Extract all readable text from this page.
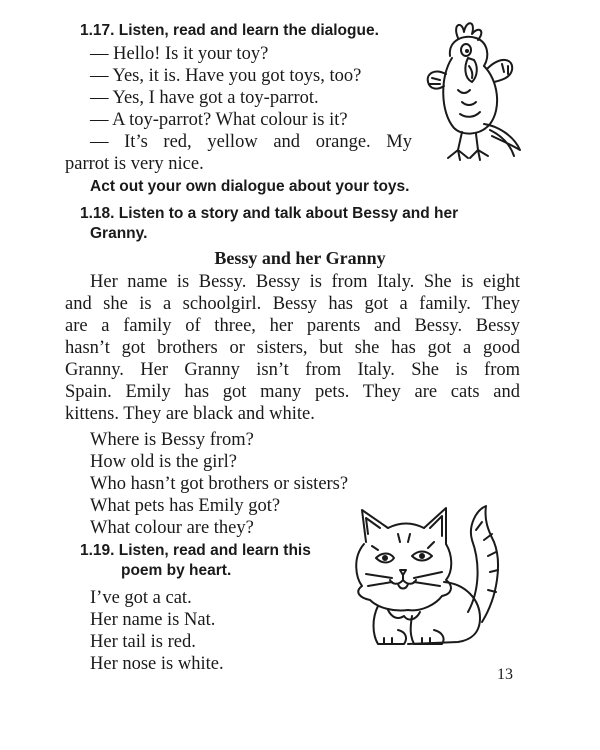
1.17. Listen, read and learn the dialogue.
— Hello! Is it your toy?
— Yes, it is. Have you got toys, too?
— Yes, I have got a toy-parrot.
— A toy-parrot? What colour is it?
— It’s red, yellow and orange. My
parrot is very nice.
Act out your own dialogue about your toys.
1.18. Listen to a story and talk about Bessy and her
Granny.
Bessy and her Granny
Her name is Bessy. Bessy is from Italy. She is eight
and she is a schoolgirl. Bessy has got a family. They
are a family of three, her parents and Bessy. Bessy
hasn’t got brothers or sisters, but she has got a good
Granny. Her Granny isn’t from Italy. She is from
Spain. Emily has got many pets. They are cats and
kittens. They are black and white.
Where is Bessy from?
How old is the girl?
Who hasn’t got brothers or sisters?
What pets has Emily got?
What colour are they?
1.19. Listen, read and learn this
poem by heart.
I’ve got a cat.
Her name is Nat.
Her tail is red.
Her nose is white.
13
